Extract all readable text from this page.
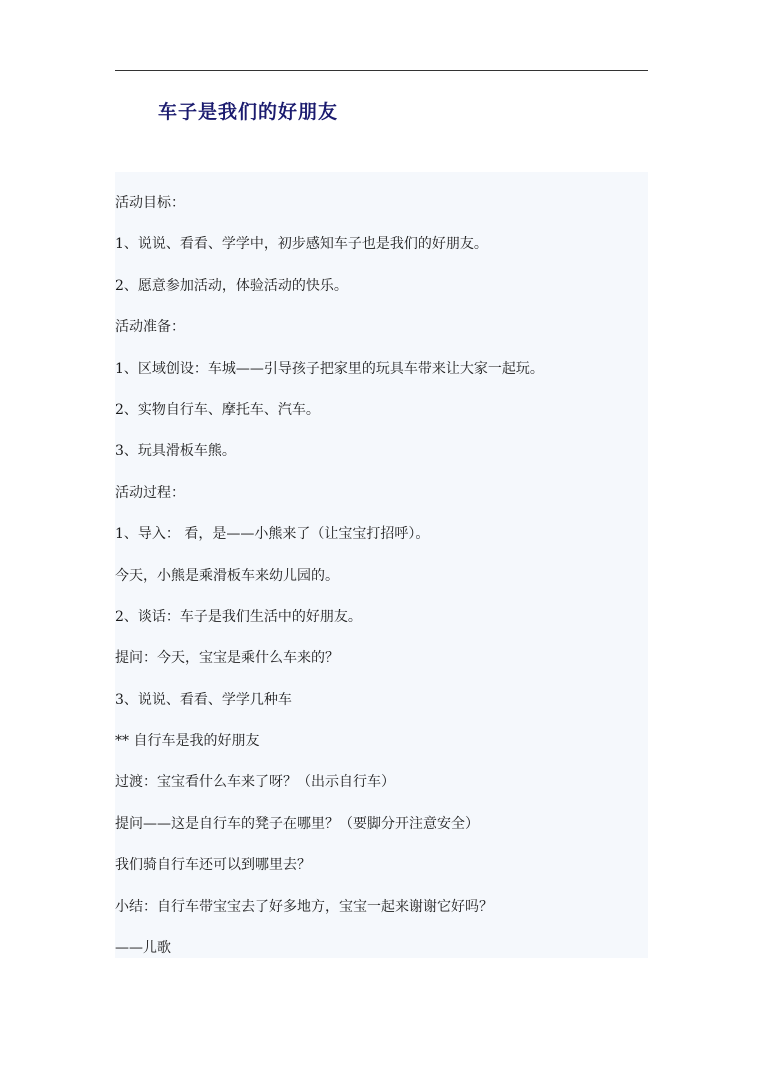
车子是我们的好朋友
活动目标：
1、说说、看看、学学中，初步感知车子也是我们的好朋友。
2、愿意参加活动，体验活动的快乐。
活动准备：
1、区域创设：车城——引导孩子把家里的玩具车带来让大家一起玩。
2、实物自行车、摩托车、汽车。
3、玩具滑板车熊。
活动过程：
1、导入： 看，是——小熊来了（让宝宝打招呼）。
今天，小熊是乘滑板车来幼儿园的。
2、谈话：车子是我们生活中的好朋友。
提问：今天，宝宝是乘什么车来的？
3、说说、看看、学学几种车
** 自行车是我的好朋友
过渡：宝宝看什么车来了呀？（出示自行车）
提问——这是自行车的凳子在哪里？（要脚分开注意安全）
我们骑自行车还可以到哪里去？
小结：自行车带宝宝去了好多地方，宝宝一起来谢谢它好吗？
——儿歌
